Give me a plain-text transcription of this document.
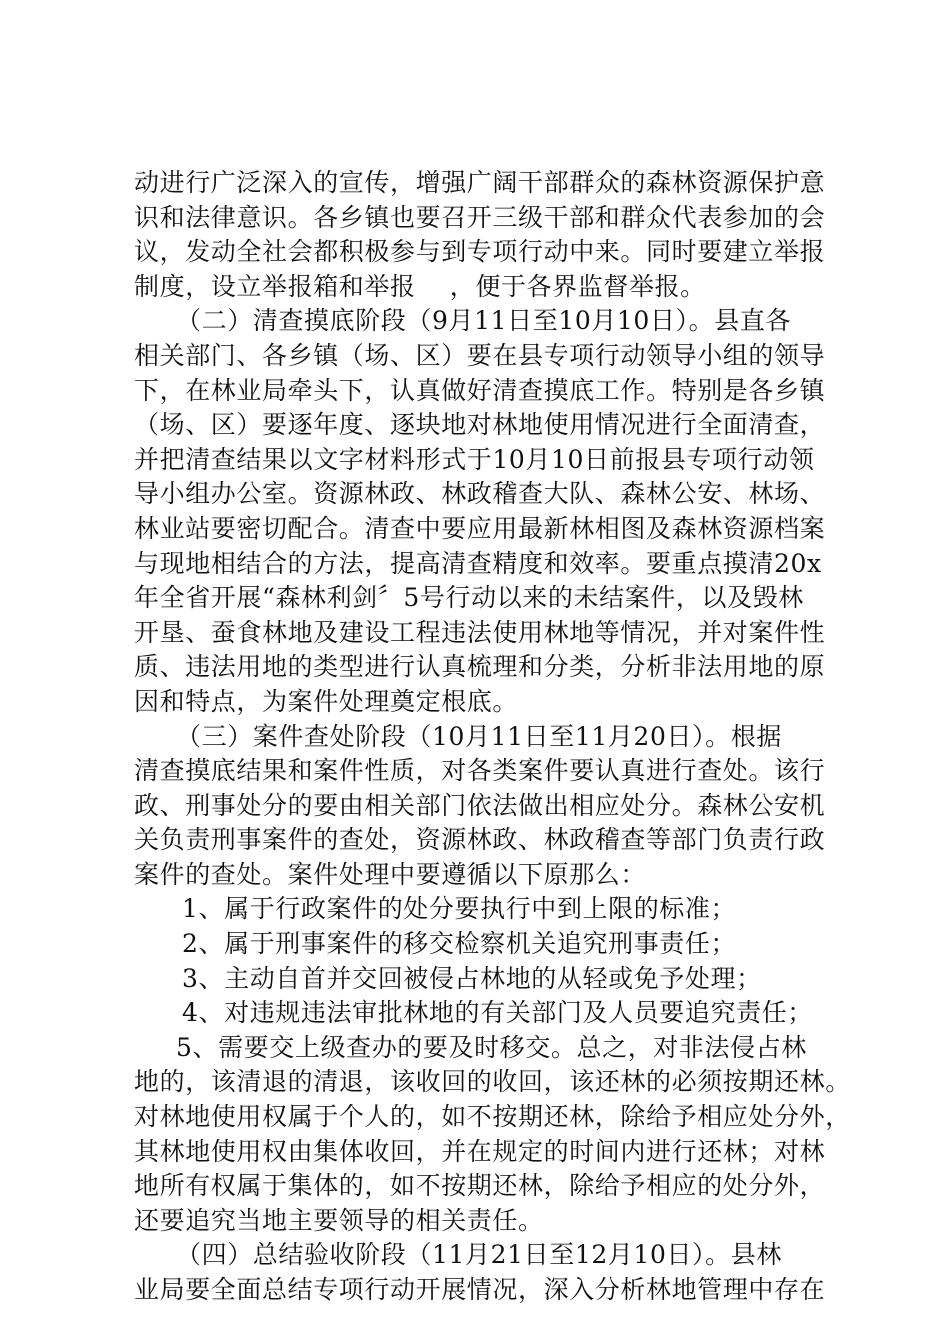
动进行广泛深入的宣传，增强广阔干部群众的森林资源保护意
识和法律意识。各乡镇也要召开三级干部和群众代表参加的会
议，发动全社会都积极参与到专项行动中来。同时要建立举报
制度，设立举报箱和举报　 ，便于各界监督举报。
（二）清查摸底阶段（9月11日至10月10日）。县直各
相关部门、各乡镇（场、区）要在县专项行动领导小组的领导
下，在林业局牵头下，认真做好清查摸底工作。特别是各乡镇
（场、区）要逐年度、逐块地对林地使用情况进行全面清查，
并把清查结果以文字材料形式于10月10日前报县专项行动领
导小组办公室。资源林政、林政稽查大队、森林公安、林场、
林业站要密切配合。清查中要应用最新林相图及森林资源档案
与现地相结合的方法，提高清查精度和效率。要重点摸清20x
年全省开展“森林利剑〞5号行动以来的未结案件，以及毁林
开垦、蚕食林地及建设工程违法使用林地等情况，并对案件性
质、违法用地的类型进行认真梳理和分类，分析非法用地的原
因和特点，为案件处理奠定根底。
（三）案件查处阶段（10月11日至11月20日）。根据
清查摸底结果和案件性质，对各类案件要认真进行查处。该行
政、刑事处分的要由相关部门依法做出相应处分。森林公安机
关负责刑事案件的查处，资源林政、林政稽查等部门负责行政
案件的查处。案件处理中要遵循以下原那么：
1、属于行政案件的处分要执行中到上限的标准；
2、属于刑事案件的移交检察机关追究刑事责任；
3、主动自首并交回被侵占林地的从轻或免予处理；
4、对违规违法审批林地的有关部门及人员要追究责任；
5、需要交上级查办的要及时移交。总之，对非法侵占林
地的，该清退的清退，该收回的收回，该还林的必须按期还林。
对林地使用权属于个人的，如不按期还林，除给予相应处分外，
其林地使用权由集体收回，并在规定的时间内进行还林；对林
地所有权属于集体的，如不按期还林，除给予相应的处分外，
还要追究当地主要领导的相关责任。
（四）总结验收阶段（11月21日至12月10日）。县林
业局要全面总结专项行动开展情况，深入分析林地管理中存在
